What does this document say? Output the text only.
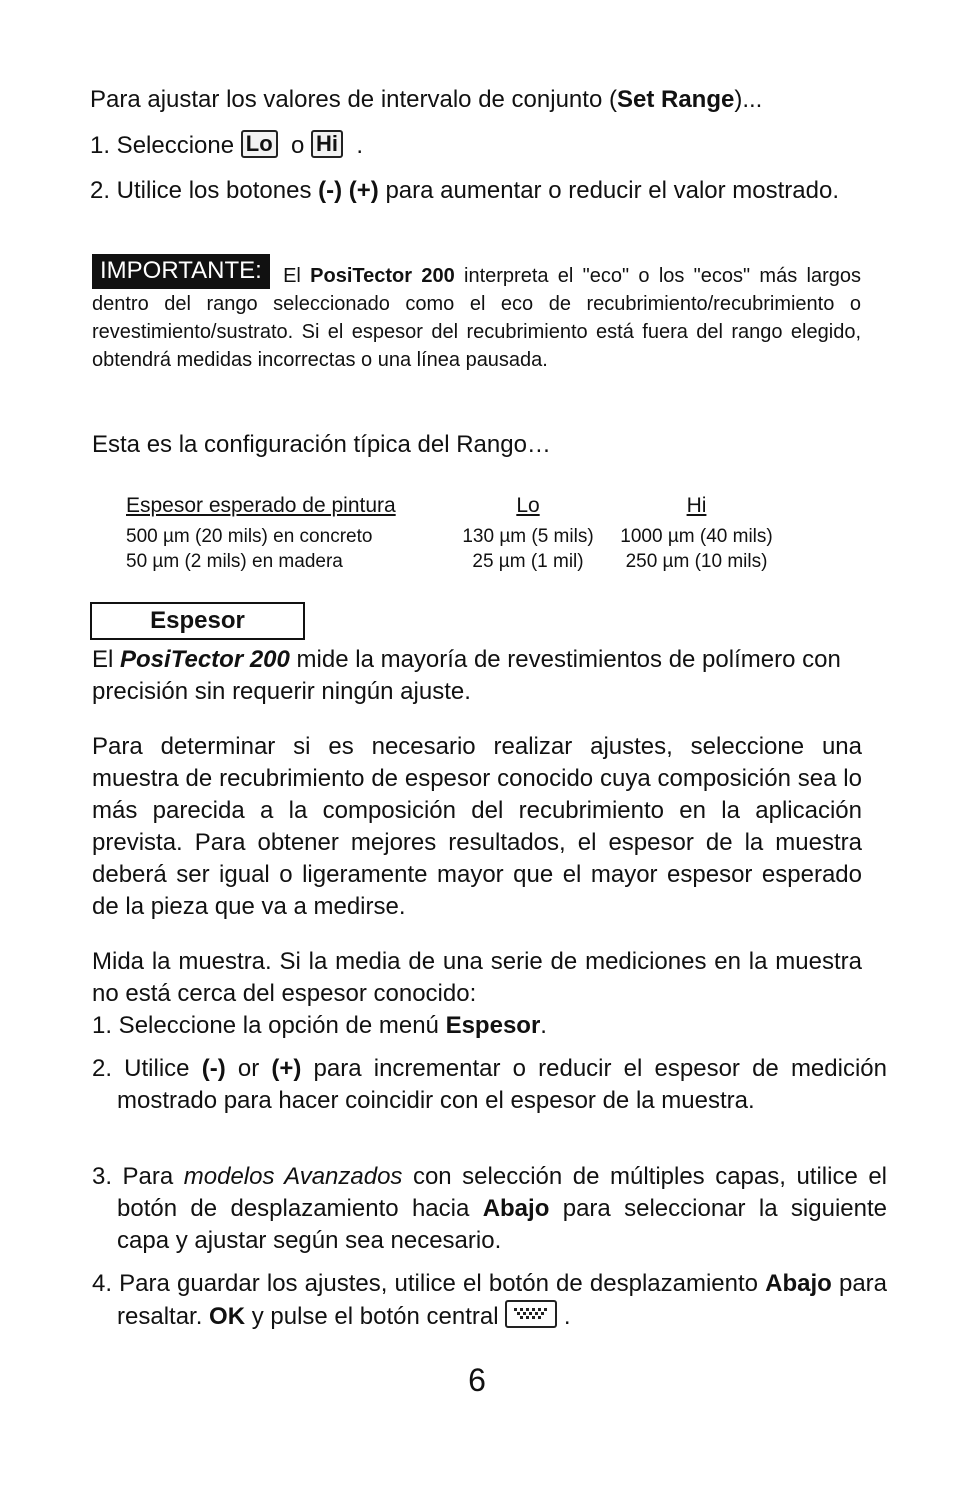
Para ajustar los valores de intervalo de conjunto (Set Range)...
1. Seleccione Lo o Hi .
2. Utilice los botones (-) (+) para aumentar o reducir el valor mostrado.
IMPORTANTE: El PosiTector 200 interpreta el "eco" o los "ecos" más largos dentro del rango seleccionado como el eco de recubrimiento/recubrimiento o revestimiento/sustrato. Si el espesor del recubrimiento está fuera del rango elegido, obtendrá medidas incorrectas o una línea pausada.
Esta es la configuración típica del Rango…
Espesor esperado de pintura	Lo	Hi
500 µm (20 mils) en concreto	130 µm (5 mils)	1000 µm (40 mils)
50 µm (2 mils) en madera	25 µm (1 mil)	250 µm (10 mils)
Espesor
El PosiTector 200 mide la mayoría de revestimientos de polímero con precisión sin requerir ningún ajuste.
Para determinar si es necesario realizar ajustes, seleccione una muestra de recubrimiento de espesor conocido cuya composición sea lo más parecida a la composición del recubrimiento en la aplicación prevista. Para obtener mejores resultados, el espesor de la muestra deberá ser igual o ligeramente mayor que el mayor espesor esperado de la pieza que va a medirse.
Mida la muestra. Si la media de una serie de mediciones en la muestra no está cerca del espesor conocido:
1. Seleccione la opción de menú Espesor.
2. Utilice (-) or (+) para incrementar o reducir el espesor de medición mostrado para hacer coincidir con el espesor de la muestra.
3. Para modelos Avanzados con selección de múltiples capas, utilice el botón de desplazamiento hacia Abajo para seleccionar la siguiente capa y ajustar según sea necesario.
4. Para guardar los ajustes, utilice el botón de desplazamiento Abajo para resaltar. OK y pulse el botón central	.
6
